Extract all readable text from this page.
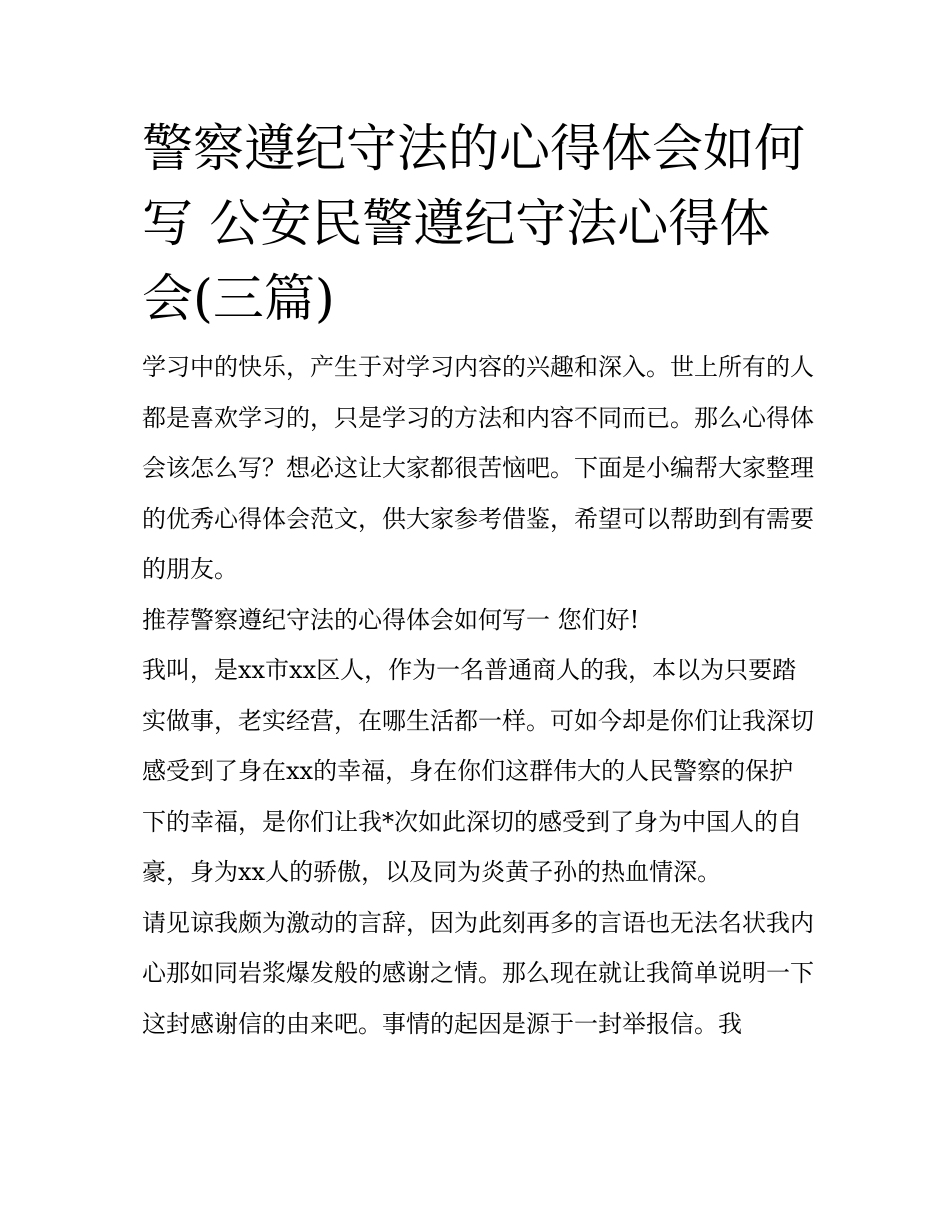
警察遵纪守法的心得体会如何写 公安民警遵纪守法心得体会(三篇)

学习中的快乐，产生于对学习内容的兴趣和深入。世上所有的人都是喜欢学习的，只是学习的方法和内容不同而已。那么心得体会该怎么写？想必这让大家都很苦恼吧。下面是小编帮大家整理的优秀心得体会范文，供大家参考借鉴，希望可以帮助到有需要的朋友。

推荐警察遵纪守法的心得体会如何写一 您们好!

我叫，是xx市xx区人，作为一名普通商人的我，本以为只要踏实做事，老实经营，在哪生活都一样。可如今却是你们让我深切感受到了身在xx的幸福，身在你们这群伟大的人民警察的保护下的幸福，是你们让我*次如此深切的感受到了身为中国人的自豪，身为xx人的骄傲，以及同为炎黄子孙的热血情深。

请见谅我颇为激动的言辞，因为此刻再多的言语也无法名状我内心那如同岩浆爆发般的感谢之情。那么现在就让我简单说明一下这封感谢信的由来吧。事情的起因是源于一封举报信。我
